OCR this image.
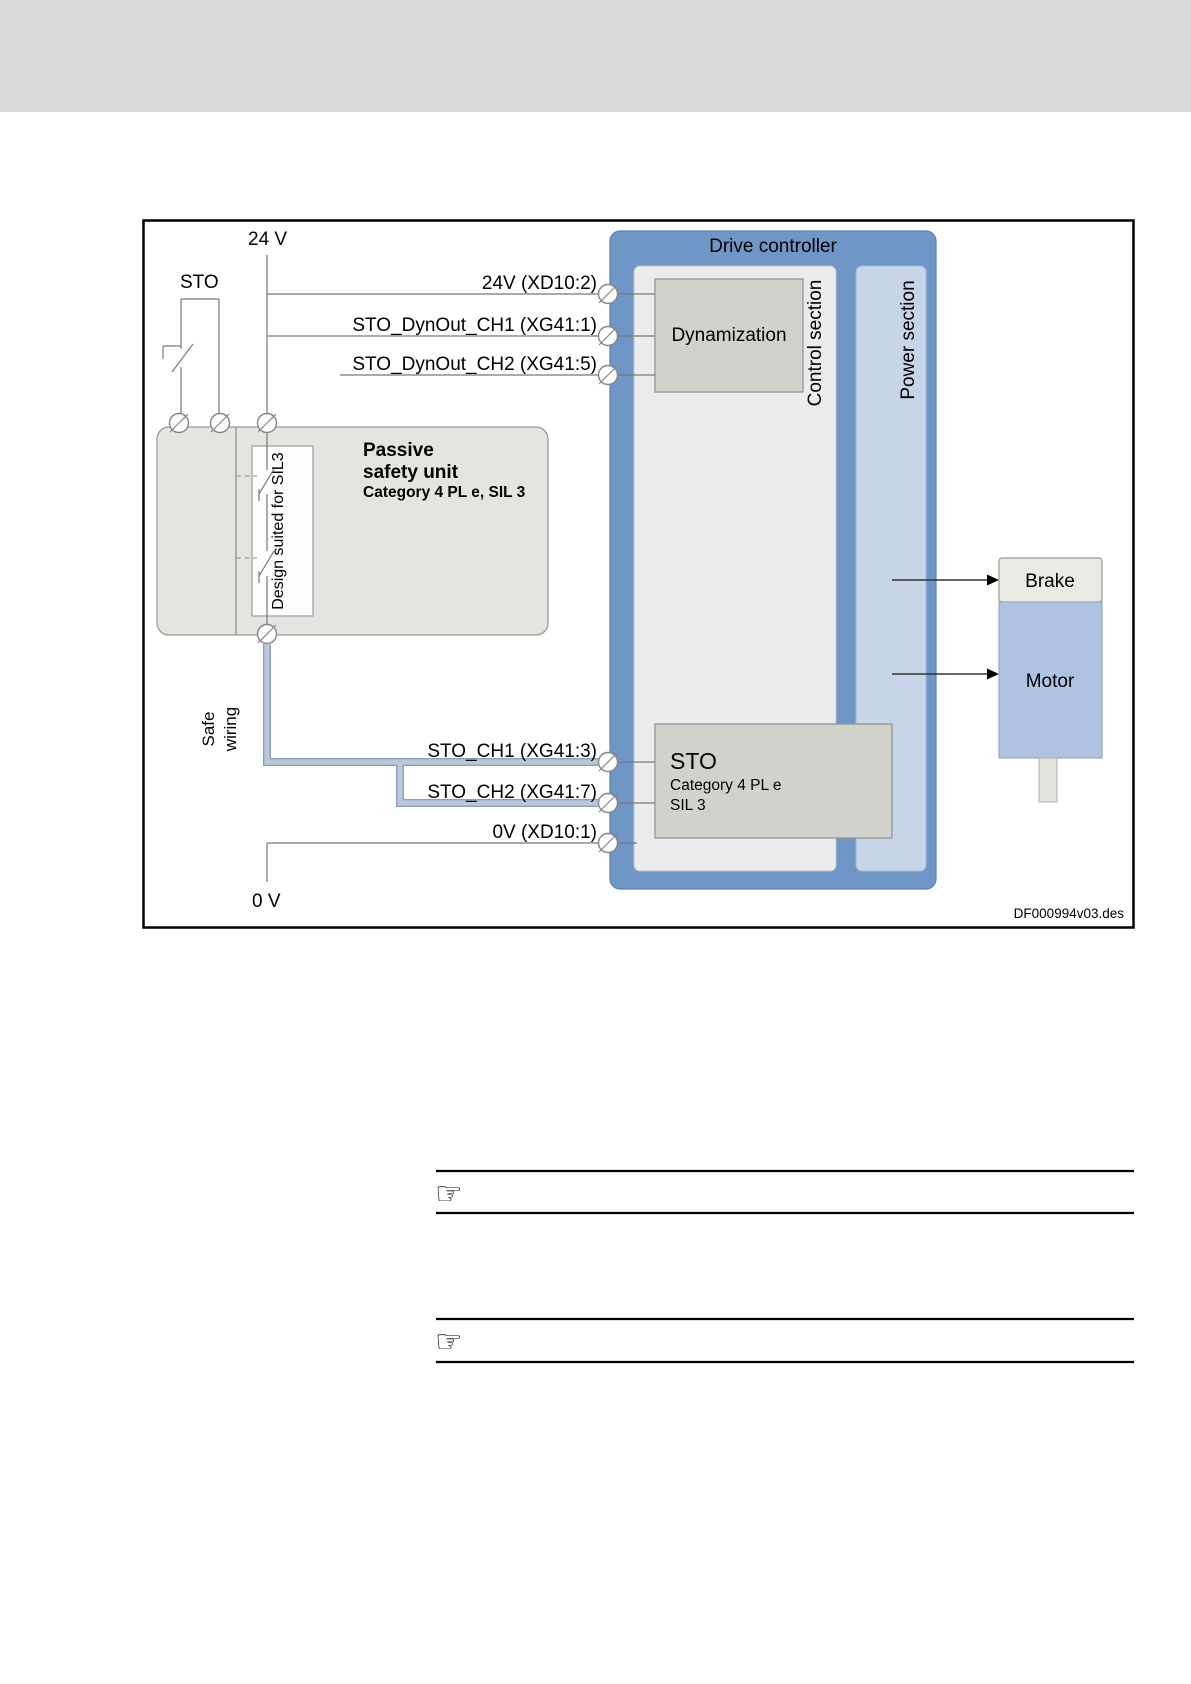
Drive controller
Control section	Power section
Dynamization
STO
Category 4 PL e
SIL 3
Brake
Motor
Design suited for SIL3
Passive
safety unit
Category 4 PL e, SIL 3
24 V
STO
0 V
24V (XD10:2)
STO_DynOut_CH1 (XG41:1)
STO_DynOut_CH2 (XG41:5)
STO_CH1 (XG41:3)
STO_CH2 (XG41:7)
0V (XD10:1)
Safe wiring
DF000994v03.des
☞
☞
